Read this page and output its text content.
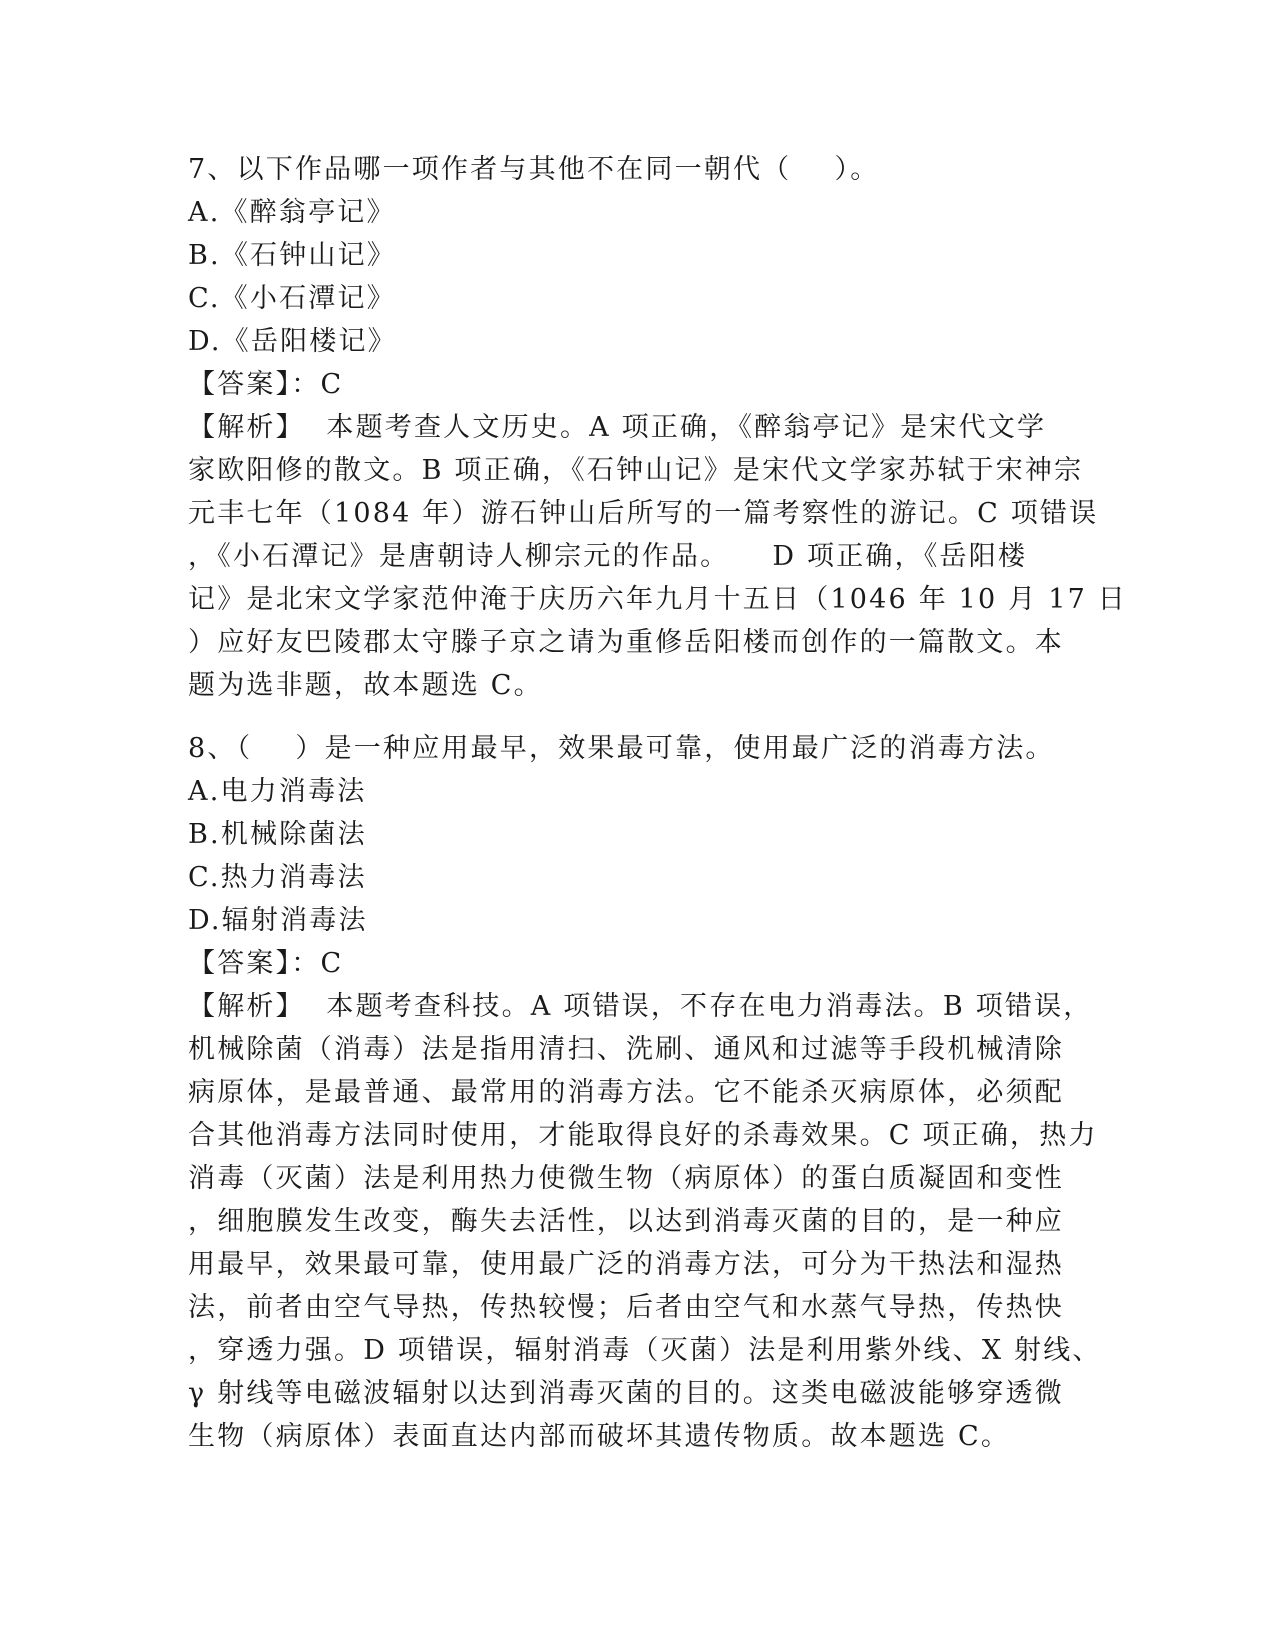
7、以下作品哪一项作者与其他不在同一朝代（    ）。
A.《醉翁亭记》
B.《石钟山记》
C.《小石潭记》
D.《岳阳楼记》
【答案】：C
【解析】  本题考查人文历史。A 项正确，《醉翁亭记》是宋代文学
家欧阳修的散文。B 项正确，《石钟山记》是宋代文学家苏轼于宋神宗
元丰七年（1084 年）游石钟山后所写的一篇考察性的游记。C 项错误
，《小石潭记》是唐朝诗人柳宗元的作品。    D 项正确，《岳阳楼
记》是北宋文学家范仲淹于庆历六年九月十五日（1046 年 10 月 17 日
）应好友巴陵郡太守滕子京之请为重修岳阳楼而创作的一篇散文。本
题为选非题，故本题选 C。
8、（    ）是一种应用最早，效果最可靠，使用最广泛的消毒方法。
A.电力消毒法
B.机械除菌法
C.热力消毒法
D.辐射消毒法
【答案】：C
【解析】  本题考查科技。A 项错误，不存在电力消毒法。B 项错误，
机械除菌（消毒）法是指用清扫、洗刷、通风和过滤等手段机械清除
病原体，是最普通、最常用的消毒方法。它不能杀灭病原体，必须配
合其他消毒方法同时使用，才能取得良好的杀毒效果。C 项正确，热力
消毒（灭菌）法是利用热力使微生物（病原体）的蛋白质凝固和变性
，细胞膜发生改变，酶失去活性，以达到消毒灭菌的目的，是一种应
用最早，效果最可靠，使用最广泛的消毒方法，可分为干热法和湿热
法，前者由空气导热，传热较慢；后者由空气和水蒸气导热，传热快
，穿透力强。D 项错误，辐射消毒（灭菌）法是利用紫外线、X 射线、
γ 射线等电磁波辐射以达到消毒灭菌的目的。这类电磁波能够穿透微
生物（病原体）表面直达内部而破坏其遗传物质。故本题选 C。
